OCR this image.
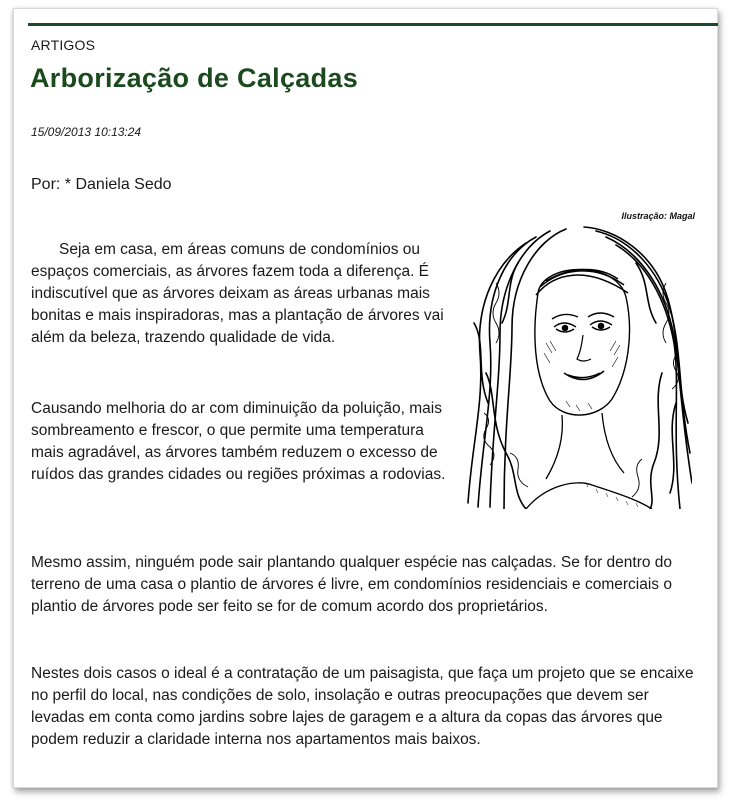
ARTIGOS
Arborização de Calçadas
15/09/2013 10:13:24
Por: * Daniela Sedo
Ilustração: Magal

Seja em casa, em áreas comuns de condomínios ou espaços comerciais, as árvores fazem toda a diferença. É indiscutível que as árvores deixam as áreas urbanas mais bonitas e mais inspiradoras, mas a plantação de árvores vai além da beleza, trazendo qualidade de vida.

Causando melhoria do ar com diminuição da poluição, mais sombreamento e frescor, o que permite uma temperatura mais agradável, as árvores também reduzem o excesso de ruídos das grandes cidades ou regiões próximas a rodovias.

Mesmo assim, ninguém pode sair plantando qualquer espécie nas calçadas. Se for dentro do terreno de uma casa o plantio de árvores é livre, em condomínios residenciais e comerciais o plantio de árvores pode ser feito se for de comum acordo dos proprietários.

Nestes dois casos o ideal é a contratação de um paisagista, que faça um projeto que se encaixe no perfil do local, nas condições de solo, insolação e outras preocupações que devem ser levadas em conta como jardins sobre lajes de garagem e a altura da copas das árvores que podem reduzir a claridade interna nos apartamentos mais baixos.
